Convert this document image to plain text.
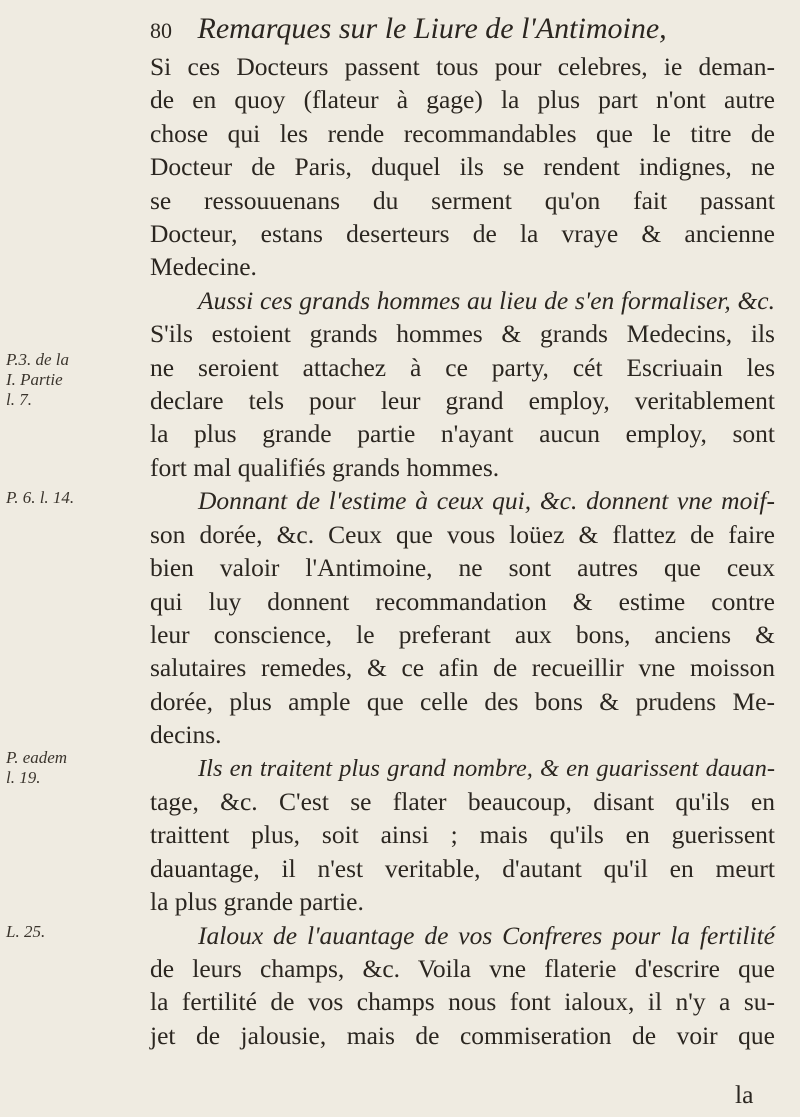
80 Remarques sur le Liure de l'Antimoine,
P.3. de la
I. Partie
l. 7.
P. 6. l. 14.
P. eadem
l. 19.
L. 25.

Si ces Docteurs passent tous pour celebres, ie deman-

de en quoy (flateur à gage) la plus part n'ont autre

chose qui les rende recommandables que le titre de

Docteur de Paris, duquel ils se rendent indignes, ne

se ressouuenans du serment qu'on fait passant

Docteur, estans deserteurs de la vraye & ancienne

Medecine.

Aussi ces grands hommes au lieu de s'en formaliser, &c.

S'ils estoient grands hommes & grands Medecins, ils

ne seroient attachez à ce party, cét Escriuain les

declare tels pour leur grand employ, veritablement

la plus grande partie n'ayant aucun employ, sont

fort mal qualifiés grands hommes.

Donnant de l'estime à ceux qui, &c. donnent vne moif-

son dorée, &c. Ceux que vous loüez & flattez de faire

bien valoir l'Antimoine, ne sont autres que ceux

qui luy donnent recommandation & estime contre

leur conscience, le preferant aux bons, anciens &

salutaires remedes, & ce afin de recueillir vne moisson

dorée, plus ample que celle des bons & prudens Me-

decins.

Ils en traitent plus grand nombre, & en guarissent dauan-

tage, &c. C'est se flater beaucoup, disant qu'ils en

traittent plus, soit ainsi ; mais qu'ils en guerissent

dauantage, il n'est veritable, d'autant qu'il en meurt

la plus grande partie.

Ialoux de l'auantage de vos Confreres pour la fertilité

de leurs champs, &c. Voila vne flaterie d'escrire que

la fertilité de vos champs nous font ialoux, il n'y a su-

jet de jalousie, mais de commiseration de voir que

la
